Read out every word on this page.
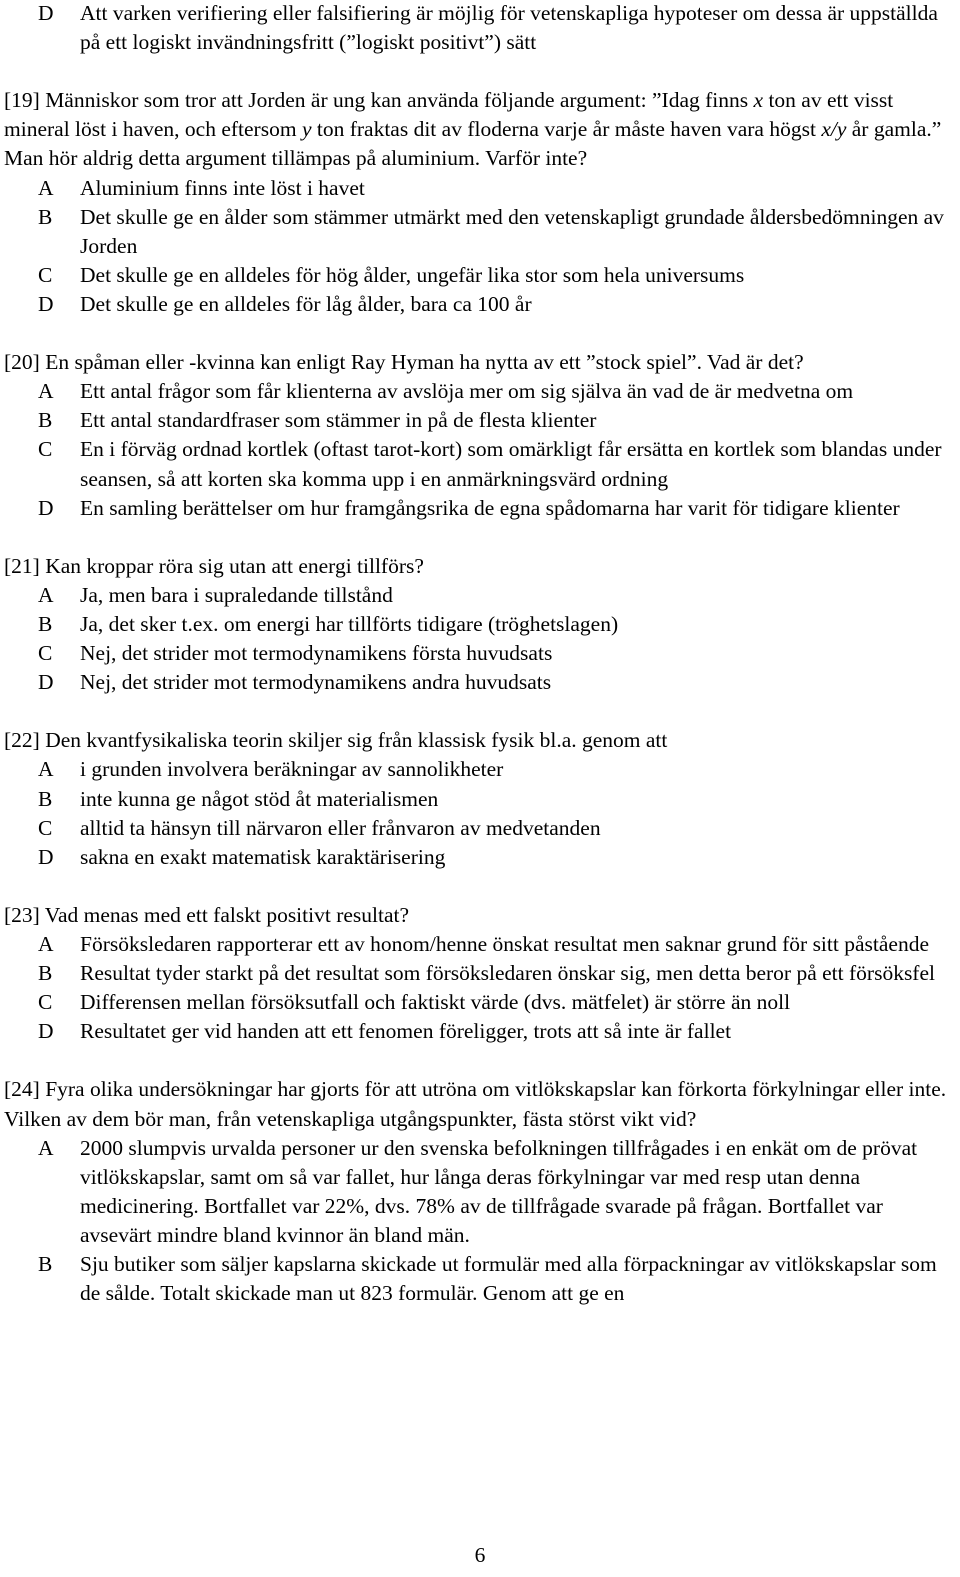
D	Att varken verifiering eller falsifiering är möjlig för vetenskapliga hypoteser om dessa är uppställda på ett logiskt invändningsfritt (”logiskt positivt”) sätt

[19] Människor som tror att Jorden är ung kan använda följande argument: ”Idag finns x ton av ett visst mineral löst i haven, och eftersom y ton fraktas dit av floderna varje år måste haven vara högst x/y år gamla.” Man hör aldrig detta argument tillämpas på aluminium. Varför inte?

A	Aluminium finns inte löst i havet
B	Det skulle ge en ålder som stämmer utmärkt med den vetenskapligt grundade åldersbedömningen av Jorden
C	Det skulle ge en alldeles för hög ålder, ungefär lika stor som hela universums
D	Det skulle ge en alldeles för låg ålder, bara ca 100 år

[20] En spåman eller -kvinna kan enligt Ray Hyman ha nytta av ett ”stock spiel”. Vad är det?

A	Ett antal frågor som får klienterna av avslöja mer om sig själva än vad de är medvetna om
B	Ett antal standardfraser som stämmer in på de flesta klienter
C	En i förväg ordnad kortlek (oftast tarot-kort) som omärkligt får ersätta en kortlek som blandas under seansen, så att korten ska komma upp i en anmärkningsvärd ordning
D	En samling berättelser om hur framgångsrika de egna spådomarna har varit för tidigare klienter

[21] Kan kroppar röra sig utan att energi tillförs?

A	Ja, men bara i supraledande tillstånd
B	Ja, det sker t.ex. om energi har tillförts tidigare (tröghetslagen)
C	Nej, det strider mot termodynamikens första huvudsats
D	Nej, det strider mot termodynamikens andra huvudsats

[22] Den kvantfysikaliska teorin skiljer sig från klassisk fysik bl.a. genom att

A	i grunden involvera beräkningar av sannolikheter
B	inte kunna ge något stöd åt materialismen
C	alltid ta hänsyn till närvaron eller frånvaron av medvetanden
D	sakna en exakt matematisk karaktärisering

[23] Vad menas med ett falskt positivt resultat?

A	Försöksledaren rapporterar ett av honom/henne önskat resultat men saknar grund för sitt påstående
B	Resultat tyder starkt på det resultat som försöksledaren önskar sig, men detta beror på ett försöksfel
C	Differensen mellan försöksutfall och faktiskt värde (dvs. mätfelet) är större än noll
D	Resultatet ger vid handen att ett fenomen föreligger, trots att så inte är fallet

[24] Fyra olika undersökningar har gjorts för att utröna om vitlökskapslar kan förkorta förkylningar eller inte. Vilken av dem bör man, från vetenskapliga utgångspunkter, fästa störst vikt vid?

A	2000 slumpvis urvalda personer ur den svenska befolkningen tillfrågades i en enkät om de prövat vitlökskapslar, samt om så var fallet, hur långa deras förkylningar var med resp utan denna medicinering. Bortfallet var 22%, dvs. 78% av de tillfrågade svarade på frågan. Bortfallet var avsevärt mindre bland kvinnor än bland män.
B	Sju butiker som säljer kapslarna skickade ut formulär med alla förpackningar av vitlökskapslar som de sålde. Totalt skickade man ut 823 formulär. Genom att ge en
6
